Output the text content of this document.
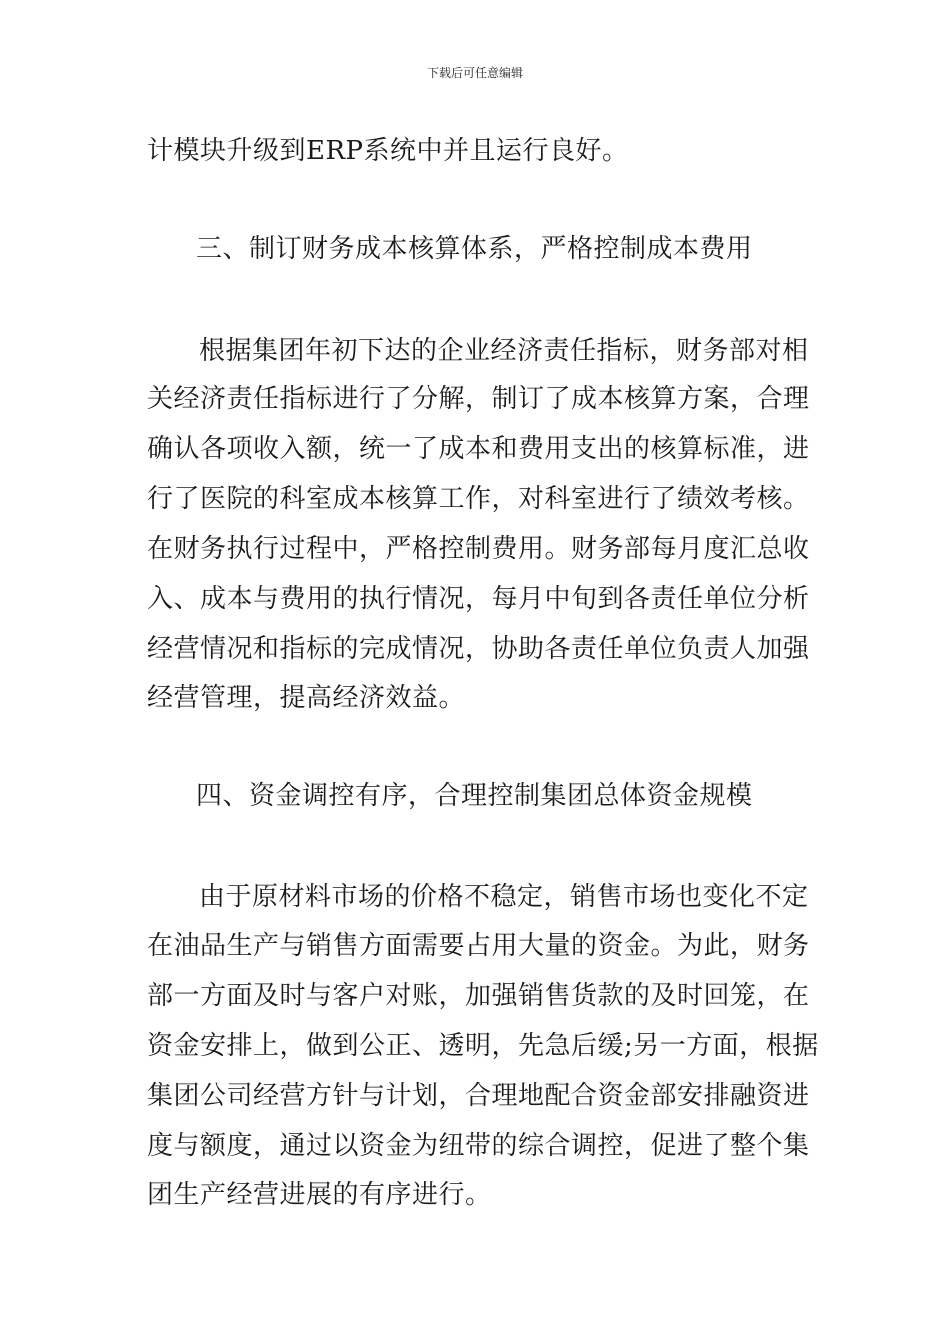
下载后可任意编辑
计模块升级到ERP系统中并且运行良好。
三、制订财务成本核算体系，严格控制成本费用
根据集团年初下达的企业经济责任指标，财务部对相
关经济责任指标进行了分解，制订了成本核算方案，合理
确认各项收入额，统一了成本和费用支出的核算标准，进
行了医院的科室成本核算工作，对科室进行了绩效考核。
在财务执行过程中，严格控制费用。财务部每月度汇总收
入、成本与费用的执行情况，每月中旬到各责任单位分析
经营情况和指标的完成情况，协助各责任单位负责人加强
经营管理，提高经济效益。
四、资金调控有序，合理控制集团总体资金规模
由于原材料市场的价格不稳定，销售市场也变化不定
在油品生产与销售方面需要占用大量的资金。为此，财务
部一方面及时与客户对账，加强销售货款的及时回笼，在
资金安排上，做到公正、透明，先急后缓;另一方面，根据
集团公司经营方针与计划，合理地配合资金部安排融资进
度与额度，通过以资金为纽带的综合调控，促进了整个集
团生产经营进展的有序进行。
